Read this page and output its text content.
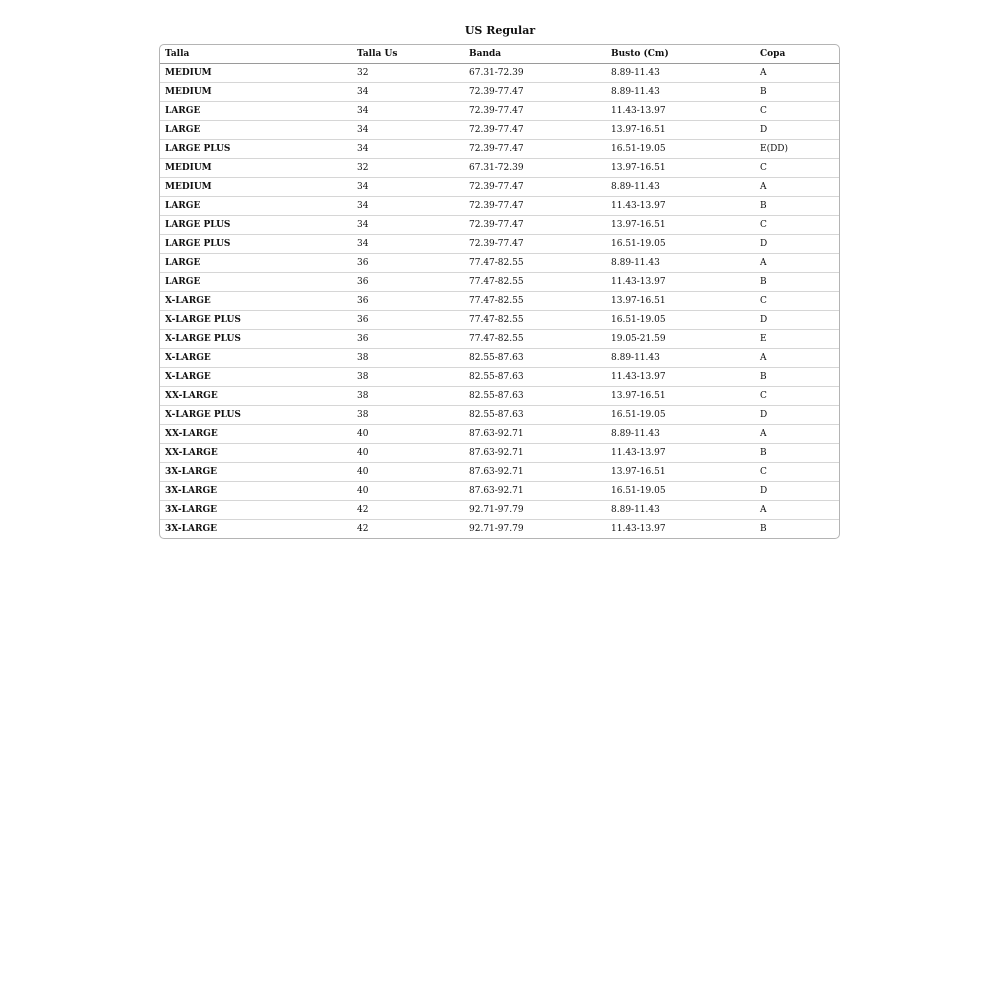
US Regular
Talla	Talla Us	Banda	Busto (Cm)	Copa
MEDIUM	32	67.31-72.39	8.89-11.43	A
MEDIUM	34	72.39-77.47	8.89-11.43	B
LARGE	34	72.39-77.47	11.43-13.97	C
LARGE	34	72.39-77.47	13.97-16.51	D
LARGE PLUS	34	72.39-77.47	16.51-19.05	E(DD)
MEDIUM	32	67.31-72.39	13.97-16.51	C
MEDIUM	34	72.39-77.47	8.89-11.43	A
LARGE	34	72.39-77.47	11.43-13.97	B
LARGE PLUS	34	72.39-77.47	13.97-16.51	C
LARGE PLUS	34	72.39-77.47	16.51-19.05	D
LARGE	36	77.47-82.55	8.89-11.43	A
LARGE	36	77.47-82.55	11.43-13.97	B
X-LARGE	36	77.47-82.55	13.97-16.51	C
X-LARGE PLUS	36	77.47-82.55	16.51-19.05	D
X-LARGE PLUS	36	77.47-82.55	19.05-21.59	E
X-LARGE	38	82.55-87.63	8.89-11.43	A
X-LARGE	38	82.55-87.63	11.43-13.97	B
XX-LARGE	38	82.55-87.63	13.97-16.51	C
X-LARGE PLUS	38	82.55-87.63	16.51-19.05	D
XX-LARGE	40	87.63-92.71	8.89-11.43	A
XX-LARGE	40	87.63-92.71	11.43-13.97	B
3X-LARGE	40	87.63-92.71	13.97-16.51	C
3X-LARGE	40	87.63-92.71	16.51-19.05	D
3X-LARGE	42	92.71-97.79	8.89-11.43	A
3X-LARGE	42	92.71-97.79	11.43-13.97	B
